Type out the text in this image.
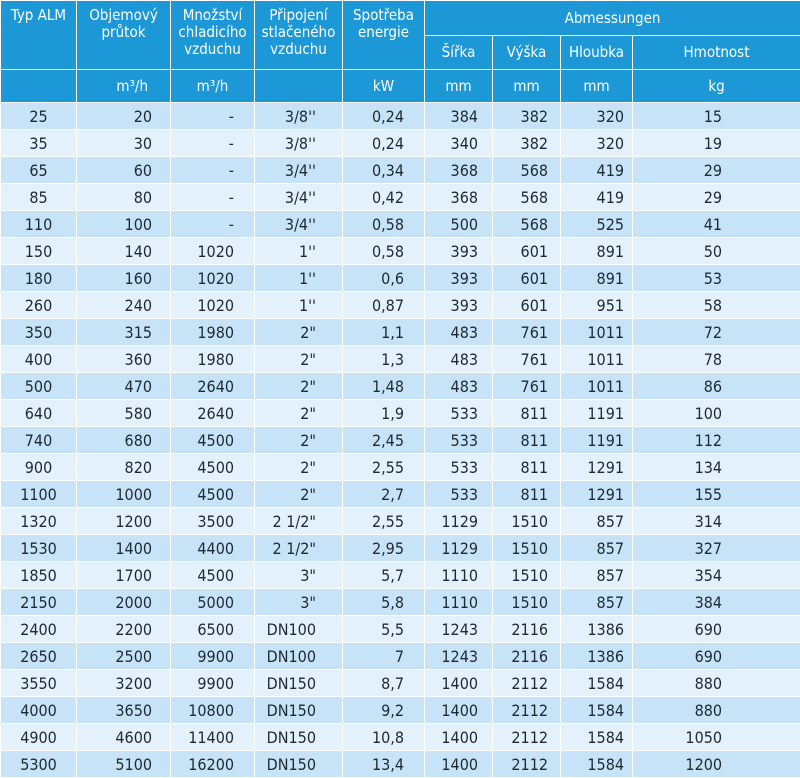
Typ ALM	Objemový průtok	Množství chladicího vzduchu	Připojení stlačeného vzduchu	Spotřeba energie	Abmessungen			
					Šířka	Výška	Hloubka	Hmotnost
	m³/h	m³/h		kW	mm	mm	mm	kg
25	20	-	3/8''	0,24	384	382	320	15
35	30	-	3/8''	0,24	340	382	320	19
65	60	-	3/4''	0,34	368	568	419	29
85	80	-	3/4''	0,42	368	568	419	29
110	100	-	3/4''	0,58	500	568	525	41
150	140	1020	1''	0,58	393	601	891	50
180	160	1020	1''	0,6	393	601	891	53
260	240	1020	1''	0,87	393	601	951	58
350	315	1980	2"	1,1	483	761	1011	72
400	360	1980	2"	1,3	483	761	1011	78
500	470	2640	2"	1,48	483	761	1011	86
640	580	2640	2"	1,9	533	811	1191	100
740	680	4500	2"	2,45	533	811	1191	112
900	820	4500	2"	2,55	533	811	1291	134
1100	1000	4500	2"	2,7	533	811	1291	155
1320	1200	3500	2 1/2"	2,55	1129	1510	857	314
1530	1400	4400	2 1/2"	2,95	1129	1510	857	327
1850	1700	4500	3"	5,7	1110	1510	857	354
2150	2000	5000	3"	5,8	1110	1510	857	384
2400	2200	6500	DN100	5,5	1243	2116	1386	690
2650	2500	9900	DN100	7	1243	2116	1386	690
3550	3200	9900	DN150	8,7	1400	2112	1584	880
4000	3650	10800	DN150	9,2	1400	2112	1584	880
4900	4600	11400	DN150	10,8	1400	2112	1584	1050
5300	5100	16200	DN150	13,4	1400	2112	1584	1200
